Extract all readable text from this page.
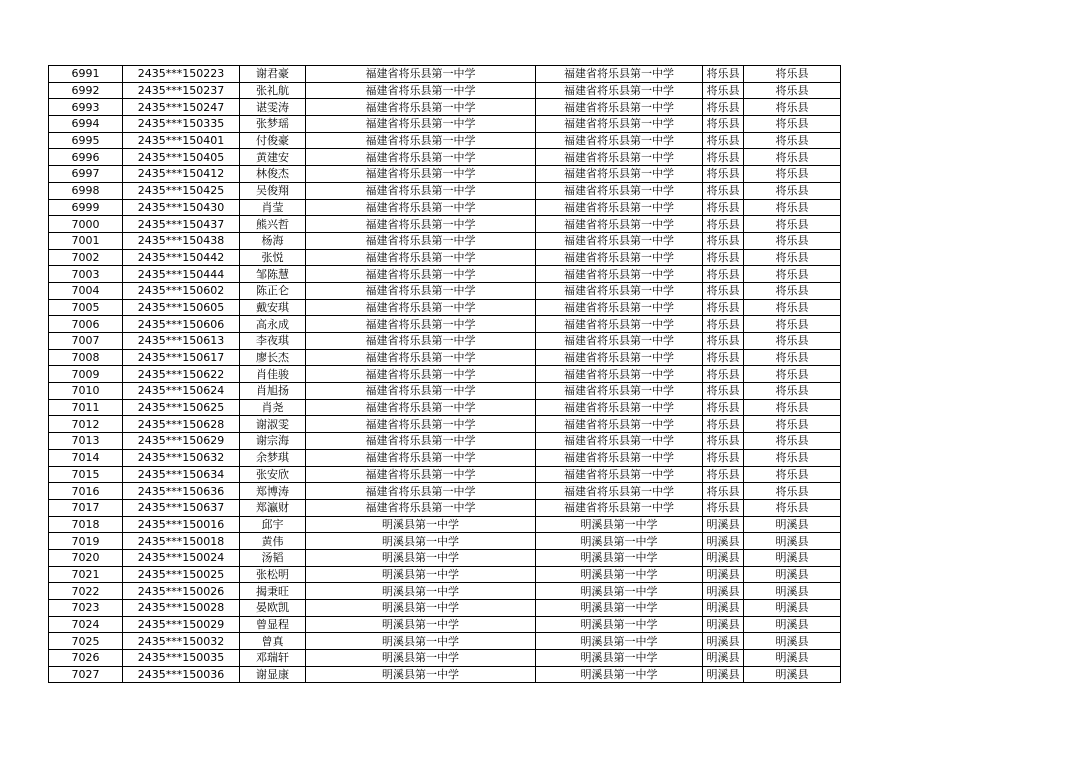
6991	2435***150223	谢君豪	福建省将乐县第一中学	福建省将乐县第一中学	将乐县	将乐县
6992	2435***150237	张礼航	福建省将乐县第一中学	福建省将乐县第一中学	将乐县	将乐县
6993	2435***150247	谌雯涛	福建省将乐县第一中学	福建省将乐县第一中学	将乐县	将乐县
6994	2435***150335	张梦瑶	福建省将乐县第一中学	福建省将乐县第一中学	将乐县	将乐县
6995	2435***150401	付俊豪	福建省将乐县第一中学	福建省将乐县第一中学	将乐县	将乐县
6996	2435***150405	黄建安	福建省将乐县第一中学	福建省将乐县第一中学	将乐县	将乐县
6997	2435***150412	林俊杰	福建省将乐县第一中学	福建省将乐县第一中学	将乐县	将乐县
6998	2435***150425	吴俊翔	福建省将乐县第一中学	福建省将乐县第一中学	将乐县	将乐县
6999	2435***150430	肖莹	福建省将乐县第一中学	福建省将乐县第一中学	将乐县	将乐县
7000	2435***150437	熊兴哲	福建省将乐县第一中学	福建省将乐县第一中学	将乐县	将乐县
7001	2435***150438	杨海	福建省将乐县第一中学	福建省将乐县第一中学	将乐县	将乐县
7002	2435***150442	张悦	福建省将乐县第一中学	福建省将乐县第一中学	将乐县	将乐县
7003	2435***150444	邹陈慧	福建省将乐县第一中学	福建省将乐县第一中学	将乐县	将乐县
7004	2435***150602	陈正仑	福建省将乐县第一中学	福建省将乐县第一中学	将乐县	将乐县
7005	2435***150605	戴安琪	福建省将乐县第一中学	福建省将乐县第一中学	将乐县	将乐县
7006	2435***150606	高永成	福建省将乐县第一中学	福建省将乐县第一中学	将乐县	将乐县
7007	2435***150613	李夜琪	福建省将乐县第一中学	福建省将乐县第一中学	将乐县	将乐县
7008	2435***150617	廖长杰	福建省将乐县第一中学	福建省将乐县第一中学	将乐县	将乐县
7009	2435***150622	肖佳骏	福建省将乐县第一中学	福建省将乐县第一中学	将乐县	将乐县
7010	2435***150624	肖旭扬	福建省将乐县第一中学	福建省将乐县第一中学	将乐县	将乐县
7011	2435***150625	肖尧	福建省将乐县第一中学	福建省将乐县第一中学	将乐县	将乐县
7012	2435***150628	谢淑雯	福建省将乐县第一中学	福建省将乐县第一中学	将乐县	将乐县
7013	2435***150629	谢宗海	福建省将乐县第一中学	福建省将乐县第一中学	将乐县	将乐县
7014	2435***150632	余梦琪	福建省将乐县第一中学	福建省将乐县第一中学	将乐县	将乐县
7015	2435***150634	张安欣	福建省将乐县第一中学	福建省将乐县第一中学	将乐县	将乐县
7016	2435***150636	郑博涛	福建省将乐县第一中学	福建省将乐县第一中学	将乐县	将乐县
7017	2435***150637	郑瀛财	福建省将乐县第一中学	福建省将乐县第一中学	将乐县	将乐县
7018	2435***150016	邱宇	明溪县第一中学	明溪县第一中学	明溪县	明溪县
7019	2435***150018	黄伟	明溪县第一中学	明溪县第一中学	明溪县	明溪县
7020	2435***150024	汤韬	明溪县第一中学	明溪县第一中学	明溪县	明溪县
7021	2435***150025	张松明	明溪县第一中学	明溪县第一中学	明溪县	明溪县
7022	2435***150026	揭秉旺	明溪县第一中学	明溪县第一中学	明溪县	明溪县
7023	2435***150028	晏欧凯	明溪县第一中学	明溪县第一中学	明溪县	明溪县
7024	2435***150029	曾显程	明溪县第一中学	明溪县第一中学	明溪县	明溪县
7025	2435***150032	曾真	明溪县第一中学	明溪县第一中学	明溪县	明溪县
7026	2435***150035	邓瑞轩	明溪县第一中学	明溪县第一中学	明溪县	明溪县
7027	2435***150036	谢显康	明溪县第一中学	明溪县第一中学	明溪县	明溪县
